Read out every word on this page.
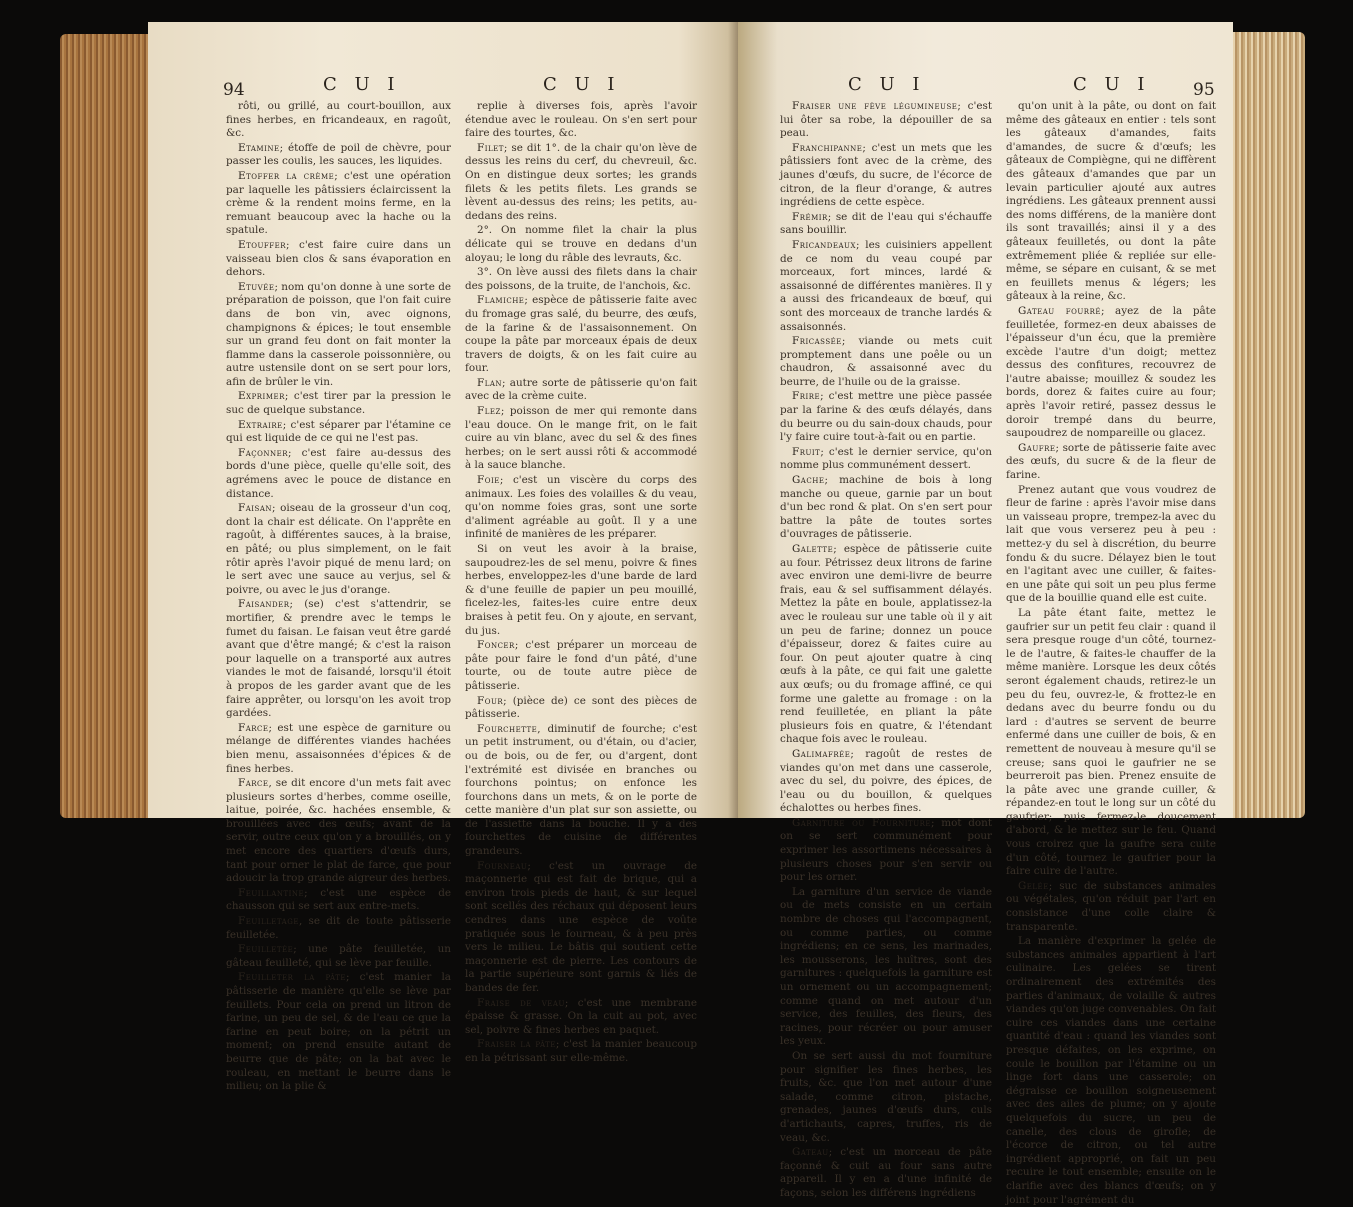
94	C U I	C U I

rôti, ou grillé, au court-bouillon, aux fines herbes, en fricandeaux, en ragoût, &c.

Etamine; étoffe de poil de chèvre, pour passer les coulis, les sauces, les liquides.

Etoffer la crème; c'est une opération par laquelle les pâtissiers éclaircissent la crème & la rendent moins ferme, en la remuant beaucoup avec la hache ou la spatule.

Etouffer; c'est faire cuire dans un vaisseau bien clos & sans évaporation en dehors.

Etuvée; nom qu'on donne à une sorte de préparation de poisson, que l'on fait cuire dans de bon vin, avec oignons, champignons & épices; le tout ensemble sur un grand feu dont on fait monter la flamme dans la casserole poissonnière, ou autre ustensile dont on se sert pour lors, afin de brûler le vin.

Exprimer; c'est tirer par la pression le suc de quelque substance.

Extraire; c'est séparer par l'étamine ce qui est liquide de ce qui ne l'est pas.

Façonner; c'est faire au-dessus des bords d'une pièce, quelle qu'elle soit, des agrémens avec le pouce de distance en distance.

Faisan; oiseau de la grosseur d'un coq, dont la chair est délicate. On l'apprête en ragoût, à différentes sauces, à la braise, en pâté; ou plus simplement, on le fait rôtir après l'avoir piqué de menu lard; on le sert avec une sauce au verjus, sel & poivre, ou avec le jus d'orange.

Faisander; (se) c'est s'attendrir, se mortifier, & prendre avec le temps le fumet du faisan. Le faisan veut être gardé avant que d'être mangé; & c'est la raison pour laquelle on a transporté aux autres viandes le mot de faisandé, lorsqu'il étoit à propos de les garder avant que de les faire apprêter, ou lorsqu'on les avoit trop gardées.

Farce; est une espèce de garniture ou mélange de différentes viandes hachées bien menu, assaisonnées d'épices & de fines herbes.

Farce, se dit encore d'un mets fait avec plusieurs sortes d'herbes, comme oseille, laitue, poirée, &c. hachées ensemble, & brouillées avec des œufs; avant de la servir, outre ceux qu'on y a brouillés, on y met encore des quartiers d'œufs durs, tant pour orner le plat de farce, que pour adoucir la trop grande aigreur des herbes.

Feuillantine; c'est une espèce de chausson qui se sert aux entre-mets.

Feuilletage, se dit de toute pâtisserie feuilletée.

Feuilletée; une pâte feuilletée, un gâteau feuilleté, qui se lève par feuille.

Feuilleter la pâte; c'est manier la pâtisserie de manière qu'elle se lève par feuillets. Pour cela on prend un litron de farine, un peu de sel, & de l'eau ce que la farine en peut boire; on la pétrit un moment; on prend ensuite autant de beurre que de pâte; on la bat avec le rouleau, en mettant le beurre dans le milieu; on la plie &

replie à diverses fois, après l'avoir étendue avec le rouleau. On s'en sert pour faire des tourtes, &c.

Filet; se dit 1°. de la chair qu'on lève de dessus les reins du cerf, du chevreuil, &c. On en distingue deux sortes; les grands filets & les petits filets. Les grands se lèvent au-dessus des reins; les petits, au-dedans des reins.

2°. On nomme filet la chair la plus délicate qui se trouve en dedans d'un aloyau; le long du râble des levrauts, &c.

3°. On lève aussi des filets dans la chair des poissons, de la truite, de l'anchois, &c.

Flamiche; espèce de pâtisserie faite avec du fromage gras salé, du beurre, des œufs, de la farine & de l'assaisonnement. On coupe la pâte par morceaux épais de deux travers de doigts, & on les fait cuire au four.

Flan; autre sorte de pâtisserie qu'on fait avec de la crème cuite.

Flez; poisson de mer qui remonte dans l'eau douce. On le mange frit, on le fait cuire au vin blanc, avec du sel & des fines herbes; on le sert aussi rôti & accommodé à la sauce blanche.

Foie; c'est un viscère du corps des animaux. Les foies des volailles & du veau, qu'on nomme foies gras, sont une sorte d'aliment agréable au goût. Il y a une infinité de manières de les préparer.

Si on veut les avoir à la braise, saupoudrez-les de sel menu, poivre & fines herbes, enveloppez-les d'une barde de lard & d'une feuille de papier un peu mouillé, ficelez-les, faites-les cuire entre deux braises à petit feu. On y ajoute, en servant, du jus.

Foncer; c'est préparer un morceau de pâte pour faire le fond d'un pâté, d'une tourte, ou de toute autre pièce de pâtisserie.

Four; (pièce de) ce sont des pièces de pâtisserie.

Fourchette, diminutif de fourche; c'est un petit instrument, ou d'étain, ou d'acier, ou de bois, ou de fer, ou d'argent, dont l'extrémité est divisée en branches ou fourchons pointus; on enfonce les fourchons dans un mets, & on le porte de cette manière d'un plat sur son assiette, ou de l'assiette dans la bouche. Il y a des fourchettes de cuisine de différentes grandeurs.

Fourneau; c'est un ouvrage de maçonnerie qui est fait de brique, qui a environ trois pieds de haut, & sur lequel sont scellés des réchaux qui déposent leurs cendres dans une espèce de voûte pratiquée sous le fourneau, & à peu près vers le milieu. Le bâtis qui soutient cette maçonnerie est de pierre. Les contours de la partie supérieure sont garnis & liés de bandes de fer.

Fraise de veau; c'est une membrane épaisse & grasse. On la cuit au pot, avec sel, poivre & fines herbes en paquet.

Fraiser la pâte; c'est la manier beaucoup en la pétrissant sur elle-même.

C U I	C U I	95

Fraiser une fève légumineuse; c'est lui ôter sa robe, la dépouiller de sa peau.

Franchipanne; c'est un mets que les pâtissiers font avec de la crème, des jaunes d'œufs, du sucre, de l'écorce de citron, de la fleur d'orange, & autres ingrédiens de cette espèce.

Frémir; se dit de l'eau qui s'échauffe sans bouillir.

Fricandeaux; les cuisiniers appellent de ce nom du veau coupé par morceaux, fort minces, lardé & assaisonné de différentes manières. Il y a aussi des fricandeaux de bœuf, qui sont des morceaux de tranche lardés & assaisonnés.

Fricassée; viande ou mets cuit promptement dans une poêle ou un chaudron, & assaisonné avec du beurre, de l'huile ou de la graisse.

Frire; c'est mettre une pièce passée par la farine & des œufs délayés, dans du beurre ou du sain-doux chauds, pour l'y faire cuire tout-à-fait ou en partie.

Fruit; c'est le dernier service, qu'on nomme plus communément dessert.

Gache; machine de bois à long manche ou queue, garnie par un bout d'un bec rond & plat. On s'en sert pour battre la pâte de toutes sortes d'ouvrages de pâtisserie.

Galette; espèce de pâtisserie cuite au four. Pétrissez deux litrons de farine avec environ une demi-livre de beurre frais, eau & sel suffisamment délayés. Mettez la pâte en boule, applatissez-la avec le rouleau sur une table où il y ait un peu de farine; donnez un pouce d'épaisseur, dorez & faites cuire au four. On peut ajouter quatre à cinq œufs à la pâte, ce qui fait une galette aux œufs; ou du fromage affiné, ce qui forme une galette au fromage : on la rend feuilletée, en pliant la pâte plusieurs fois en quatre, & l'étendant chaque fois avec le rouleau.

Galimafrée; ragoût de restes de viandes qu'on met dans une casserole, avec du sel, du poivre, des épices, de l'eau ou du bouillon, & quelques échalottes ou herbes fines.

Garniture ou Fourniture; mot dont on se sert communément pour exprimer les assortimens nécessaires à plusieurs choses pour s'en servir ou pour les orner.

La garniture d'un service de viande ou de mets consiste en un certain nombre de choses qui l'accompagnent, ou comme parties, ou comme ingrédiens; en ce sens, les marinades, les mousserons, les huîtres, sont des garnitures : quelquefois la garniture est un ornement ou un accompagnement; comme quand on met autour d'un service, des feuilles, des fleurs, des racines, pour récréer ou pour amuser les yeux.

On se sert aussi du mot fourniture pour signifier les fines herbes, les fruits, &c. que l'on met autour d'une salade, comme citron, pistache, grenades, jaunes d'œufs durs, culs d'artichauts, capres, truffes, ris de veau, &c.

Gateau; c'est un morceau de pâte façonné & cuit au four sans autre appareil. Il y en a d'une infinité de façons, selon les différens ingrédiens

qu'on unit à la pâte, ou dont on fait même des gâteaux en entier : tels sont les gâteaux d'amandes, faits d'amandes, de sucre & d'œufs; les gâteaux de Compiègne, qui ne diffèrent des gâteaux d'amandes que par un levain particulier ajouté aux autres ingrédiens. Les gâteaux prennent aussi des noms différens, de la manière dont ils sont travaillés; ainsi il y a des gâteaux feuilletés, ou dont la pâte extrêmement pliée & repliée sur elle-même, se sépare en cuisant, & se met en feuillets menus & légers; les gâteaux à la reine, &c.

Gateau fourré; ayez de la pâte feuilletée, formez-en deux abaisses de l'épaisseur d'un écu, que la première excède l'autre d'un doigt; mettez dessus des confitures, recouvrez de l'autre abaisse; mouillez & soudez les bords, dorez & faites cuire au four; après l'avoir retiré, passez dessus le doroir trempé dans du beurre, saupoudrez de nompareille ou glacez.

Gaufre; sorte de pâtisserie faite avec des œufs, du sucre & de la fleur de farine.

Prenez autant que vous voudrez de fleur de farine : après l'avoir mise dans un vaisseau propre, trempez-la avec du lait que vous verserez peu à peu : mettez-y du sel à discrétion, du beurre fondu & du sucre. Délayez bien le tout en l'agitant avec une cuiller, & faites-en une pâte qui soit un peu plus ferme que de la bouillie quand elle est cuite.

La pâte étant faite, mettez le gaufrier sur un petit feu clair : quand il sera presque rouge d'un côté, tournez-le de l'autre, & faites-le chauffer de la même manière. Lorsque les deux côtés seront également chauds, retirez-le un peu du feu, ouvrez-le, & frottez-le en dedans avec du beurre fondu ou du lard : d'autres se servent de beurre enfermé dans une cuiller de bois, & en remettent de nouveau à mesure qu'il se creuse; sans quoi le gaufrier ne se beurreroit pas bien. Prenez ensuite de la pâte avec une grande cuiller, & répandez-en tout le long sur un côté du gaufrier; puis fermez-le doucement d'abord, & le mettez sur le feu. Quand vous croirez que la gaufre sera cuite d'un côté, tournez le gaufrier pour la faire cuire de l'autre.

Gelée; suc de substances animales ou végétales, qu'on réduit par l'art en consistance d'une colle claire & transparente.

La manière d'exprimer la gelée de substances animales appartient à l'art culinaire. Les gelées se tirent ordinairement des extrémités des parties d'animaux, de volaille & autres viandes qu'on juge convenables. On fait cuire ces viandes dans une certaine quantité d'eau : quand les viandes sont presque défaites, on les exprime, on coule le bouillon par l'étamine ou un linge fort dans une casserole; on dégraisse ce bouillon soigneusement avec des ailes de plume; on y ajoute quelquefois du sucre, un peu de canelle, des clous de girofle; de l'écorce de citron, ou tel autre ingrédient approprié, on fait un peu recuire le tout ensemble; ensuite on le clarifie avec des blancs d'œufs; on y joint pour l'agrément du
